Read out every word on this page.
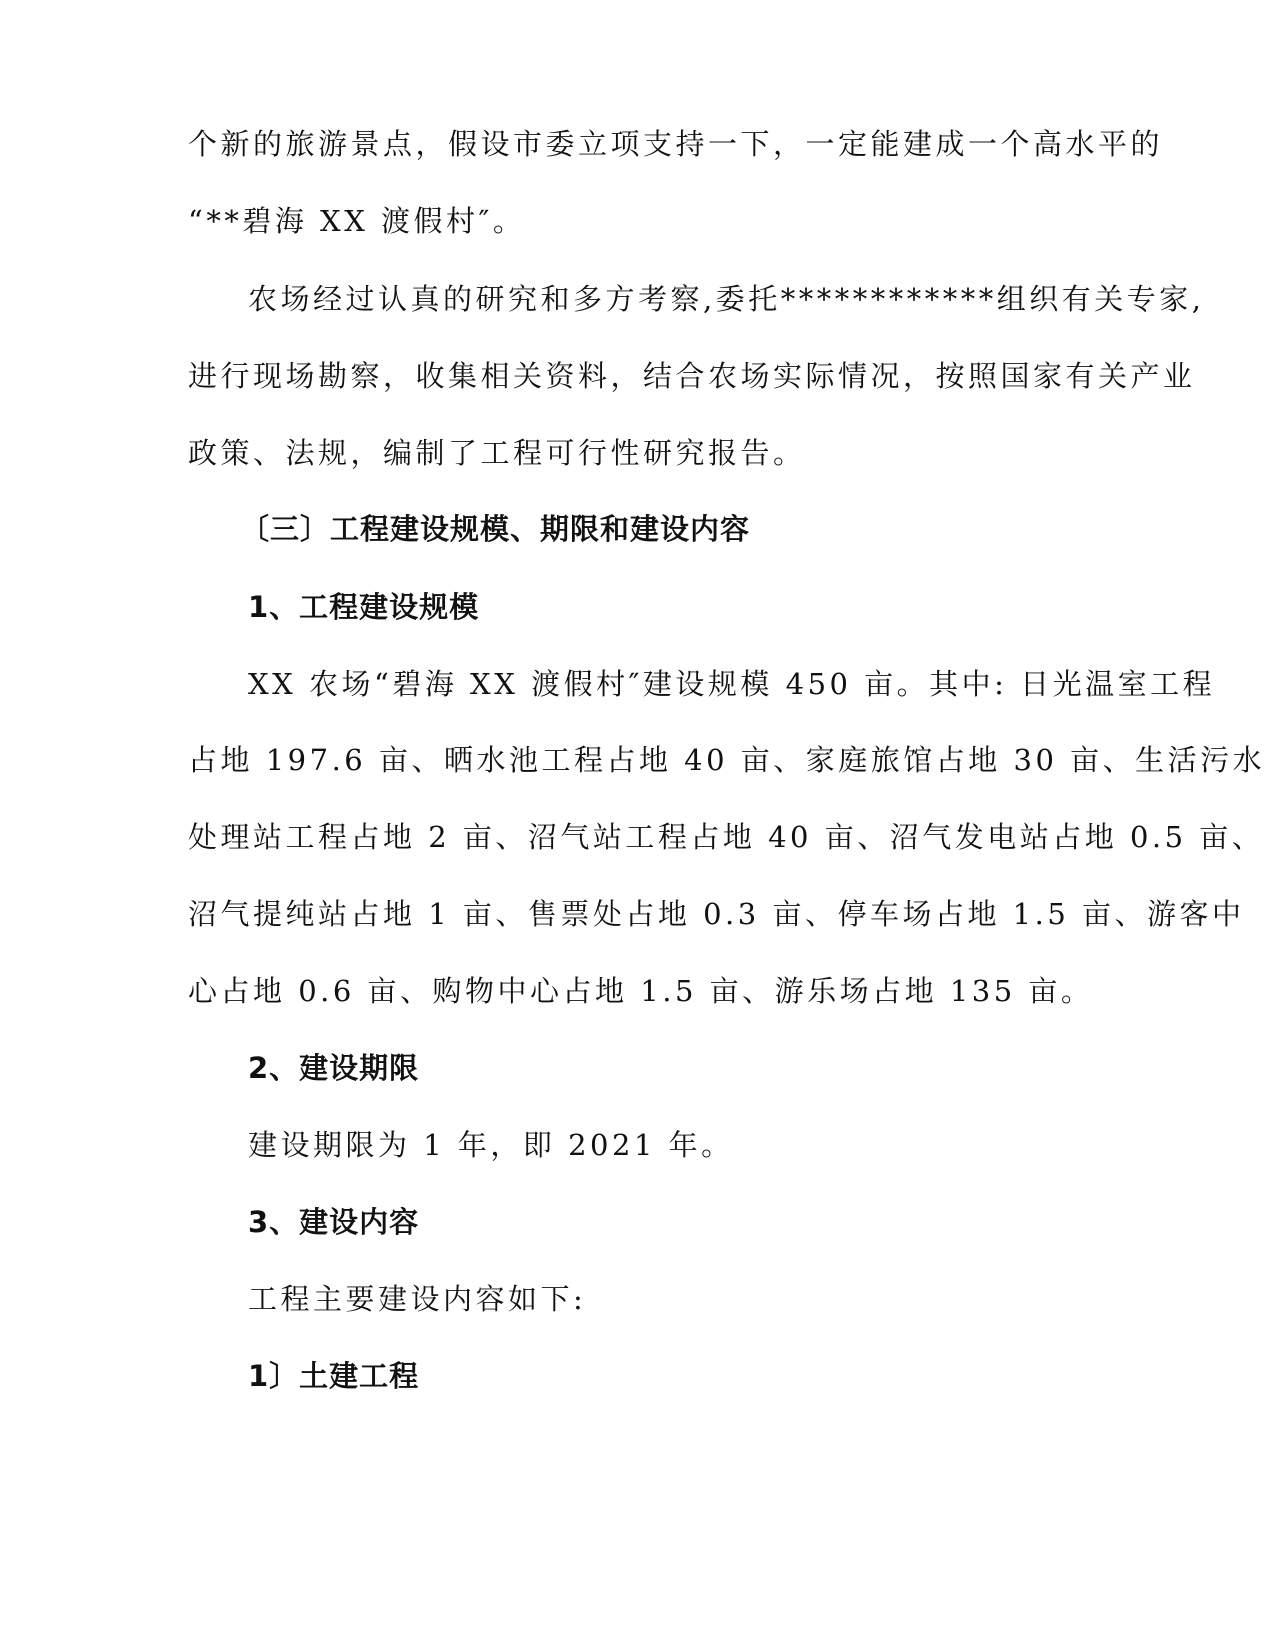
个新的旅游景点，假设市委立项支持一下，一定能建成一个高水平的
“**碧海 XX 渡假村″。
农场经过认真的研究和多方考察,委托************组织有关专家,
进行现场勘察，收集相关资料，结合农场实际情况，按照国家有关产业
政策、法规，编制了工程可行性研究报告。
〔三〕工程建设规模、期限和建设内容
1、工程建设规模
XX 农场“碧海 XX 渡假村″建设规模 450 亩。其中: 日光温室工程
占地 197.6 亩、晒水池工程占地 40 亩、家庭旅馆占地 30 亩、生活污水
处理站工程占地 2 亩、沼气站工程占地 40 亩、沼气发电站占地 0.5 亩、
沼气提纯站占地 1 亩、售票处占地 0.3 亩、停车场占地 1.5 亩、游客中
心占地 0.6 亩、购物中心占地 1.5 亩、游乐场占地 135 亩。
2、建设期限
建设期限为 1 年，即 2021 年。
3、建设内容
工程主要建设内容如下:
1〕土建工程
